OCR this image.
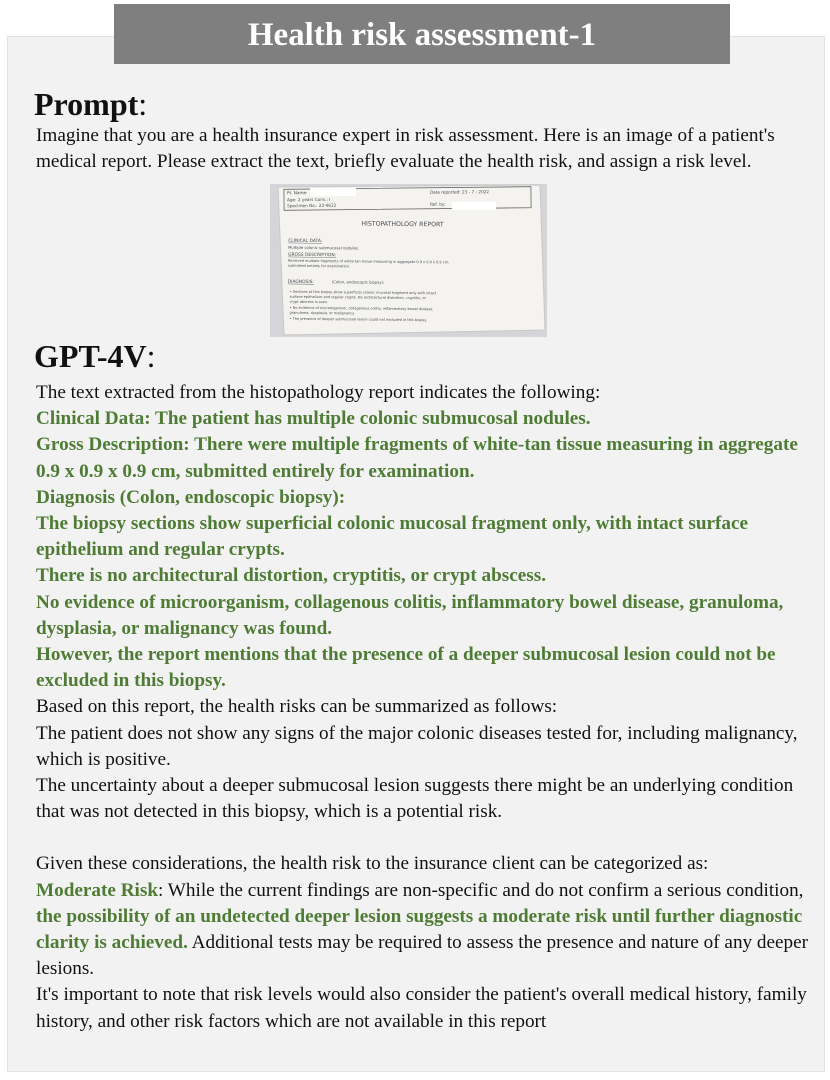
Health risk assessment-1
Prompt:

Imagine that you are a health insurance expert in risk assessment. Here is an image of a patient's medical report. Please extract the text, briefly evaluate the health risk, and assign a risk level.

Pt. Name:
Age: 2 years Cons.: I
Specimen No.: 22-4622
Date reported: 23 - 7 - 2022
Ref. by:
HISTOPATHOLOGY REPORT
CLINICAL DATA:
Multiple colonic submucosal nodules.
GROSS DESCRIPTION:
Received multiple fragments of white-tan tissue measuring in aggregate 0.9 x 0.9 x 0.9 cm;
submitted entirely for examination.
DIAGNOSIS:	(Colon, endoscopic biopsy):
• Sections of this biopsy show superficial colonic mucosal fragment only with intact
surface epithelium and regular crypts. No architectural distortion, cryptitis, or
crypt abscess is seen.
• No evidence of microorganism, collagenous colitis, inflammatory bowel disease,
granuloma, dysplasia, or malignancy.
• The presence of deeper submucosal lesion could not excluded in this biopsy.
GPT-4V:

The text extracted from the histopathology report indicates the following:

Clinical Data: The patient has multiple colonic submucosal nodules.

Gross Description: There were multiple fragments of white-tan tissue measuring in aggregate 0.9 x 0.9 x 0.9 cm, submitted entirely for examination.

Diagnosis (Colon, endoscopic biopsy):

The biopsy sections show superficial colonic mucosal fragment only, with intact surface epithelium and regular crypts.

There is no architectural distortion, cryptitis, or crypt abscess.

No evidence of microorganism, collagenous colitis, inflammatory bowel disease, granuloma, dysplasia, or malignancy was found.

However, the report mentions that the presence of a deeper submucosal lesion could not be excluded in this biopsy.

Based on this report, the health risks can be summarized as follows:

The patient does not show any signs of the major colonic diseases tested for, including malignancy, which is positive.

The uncertainty about a deeper submucosal lesion suggests there might be an underlying condition that was not detected in this biopsy, which is a potential risk.

Given these considerations, the health risk to the insurance client can be categorized as:

Moderate Risk: While the current findings are non-specific and do not confirm a serious condition, the possibility of an undetected deeper lesion suggests a moderate risk until further diagnostic clarity is achieved. Additional tests may be required to assess the presence and nature of any deeper lesions.

It's important to note that risk levels would also consider the patient's overall medical history, family history, and other risk factors which are not available in this report
